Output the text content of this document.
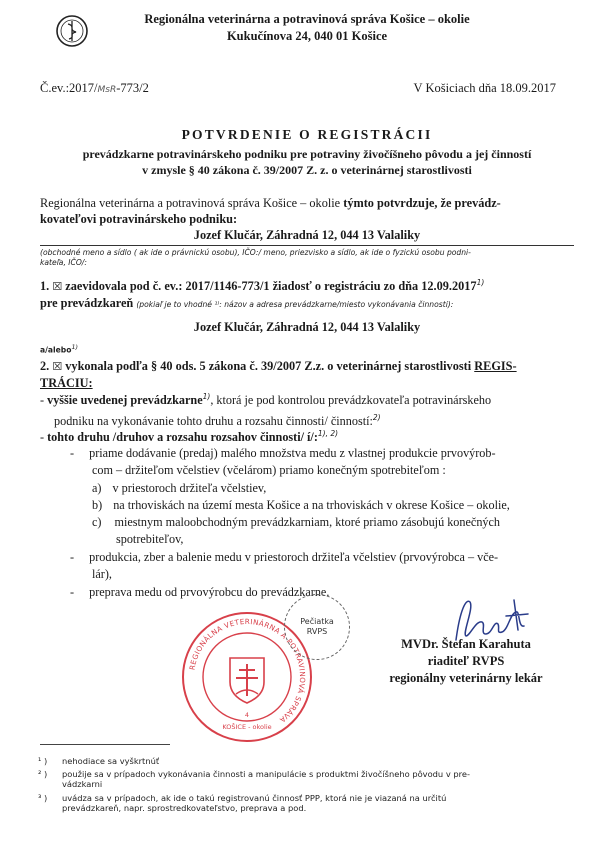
Regionálna veterinárna a potravinová správa Košice – okolie
Kukučínova 24, 040 01 Košice
Č.ev.:2017/MsR-773/2	V Košiciach dňa 18.09.2017
POTVRDENIE O REGISTRÁCII
prevádzkarne potravinárskeho podniku pre potraviny živočíšneho pôvodu a jej činností
v zmysle § 40 zákona č. 39/2007 Z. z. o veterinárnej starostlivosti
Regionálna veterinárna a potravinová správa Košice – okolie týmto potvrdzuje, že prevádz-
kovateľovi potravinárskeho podniku:
Jozef Klučár, Záhradná 12, 044 13 Valaliky
(obchodné meno a sídlo ( ak ide o právnickú osobu), IČO:/ meno, priezvisko a sídlo, ak ide o fyzickú osobu podni-
kateľa, IČO/:
1. ☒ zaevidovala pod č. ev.: 2017/1146-773/1 žiadosť o registráciu zo dňa 12.09.2017$^{1)}$
pre prevádzkareň (pokiaľ je to vhodné ¹⁾: názov a adresa prevádzkarne/miesto vykonávania činnosti):
Jozef Klučár, Záhradná 12, 044 13 Valaliky
a/alebo$^{1)}$
2. ☒ vykonala podľa § 40 ods. 5 zákona č. 39/2007 Z.z. o veterinárnej starostlivosti REGIS-
TRÁCIU:
- vyššie uvedenej prevádzkarne$^{1)}$, ktorá je pod kontrolou prevádzkovateľa potravinárskeho
podniku na vykonávanie tohto druhu a rozsahu činnosti/ činností:$^{2)}$
- tohto druhu /druhov a rozsahu rozsahov činnosti/ í/:$^{1), 2)}$
- priame dodávanie (predaj) malého množstva medu z vlastnej produkcie prvovýrob-
com – držiteľom včelstiev (včelárom) priamo konečným spotrebiteľom :
a) v priestoroch držiteľa včelstiev,
b) na trhoviskách na území mesta Košice a na trhoviskách v okrese Košice – okolie,
c) miestnym maloobchodným prevádzkarniam, ktoré priamo zásobujú konečných
spotrebiteľov,
- produkcia, zber a balenie medu v priestoroch držiteľa včelstiev (prvovýrobca – vče-
lár),
- preprava medu od prvovýrobcu do prevádzkarne.
REGIONÁLNA VETERINÁRNA A POTRAVINOVÁ SPRÁVA
4
KOŠICE - okolie
Pečiatka
RVPS
MVDr. Štefan Karahuta
riaditeľ RVPS
regionálny veterinárny lekár
¹ ) nehodiace sa vyškrtnúť
² ) použije sa v prípadoch vykonávania činnosti a manipulácie s produktmi živočíšneho pôvodu v pre-
vádzkarni
³ ) uvádza sa v prípadoch, ak ide o takú registrovanú činnosť PPP, ktorá nie je viazaná na určitú
prevádzkareň, napr. sprostredkovateľstvo, preprava a pod.
